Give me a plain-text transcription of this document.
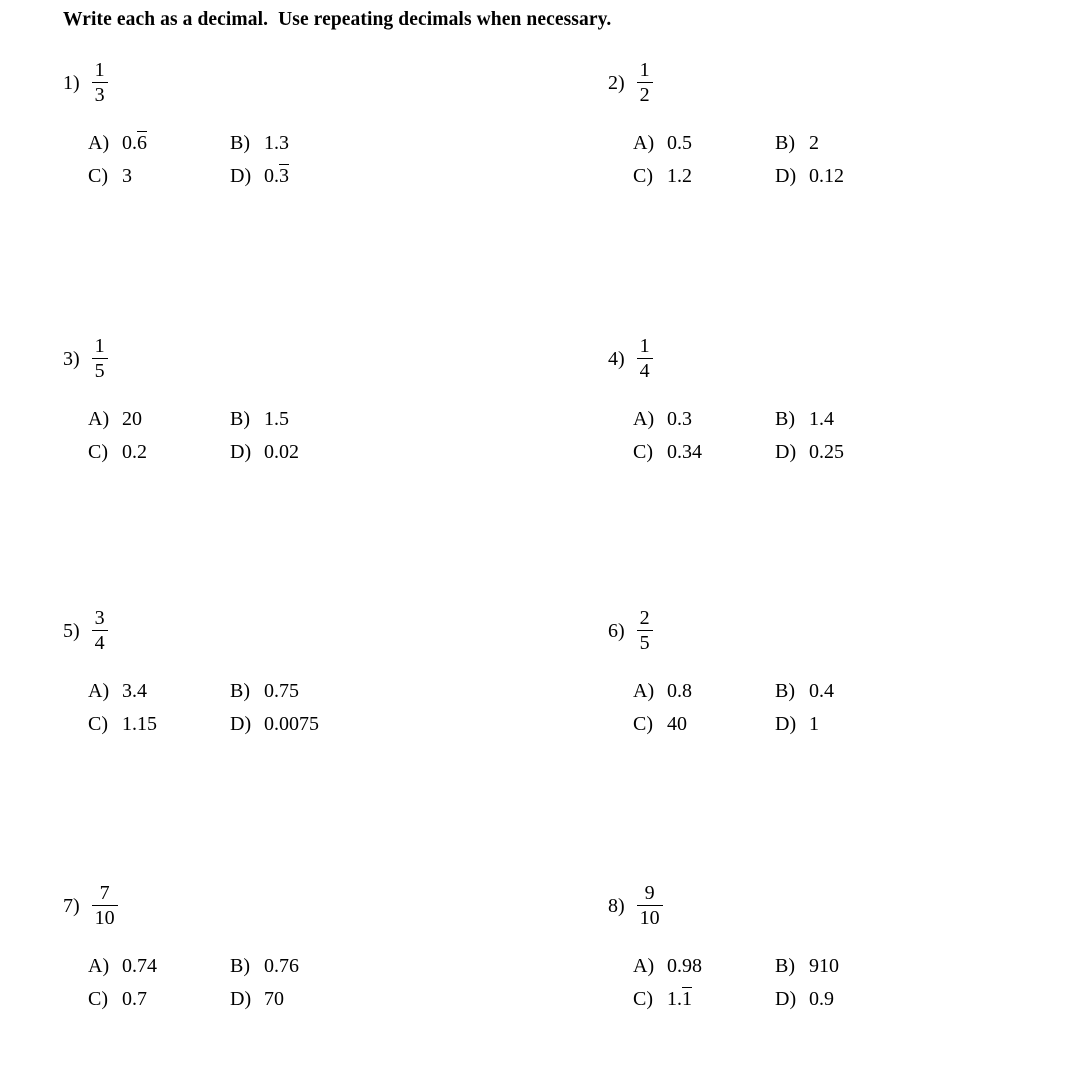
Write each as a decimal.  Use repeating decimals when necessary.
$1) \frac{1}{3}$
A) 0.6	B) 1.3
C) 3	D) 0.3
$2) \frac{1}{2}$
A) 0.5	B) 2
C) 1.2	D) 0.12
$3) \frac{1}{5}$
A) 20	B) 1.5
C) 0.2	D) 0.02
$4) \frac{1}{4}$
A) 0.3	B) 1.4
C) 0.34	D) 0.25
$5) \frac{3}{4}$
A) 3.4	B) 0.75
C) 1.15	D) 0.0075
$6) \frac{2}{5}$
A) 0.8	B) 0.4
C) 40	D) 1
$7) \frac{7}{10}$
A) 0.74	B) 0.76
C) 0.7	D) 70
$8) \frac{9}{10}$
A) 0.98	B) 910
C) 1.1	D) 0.9
